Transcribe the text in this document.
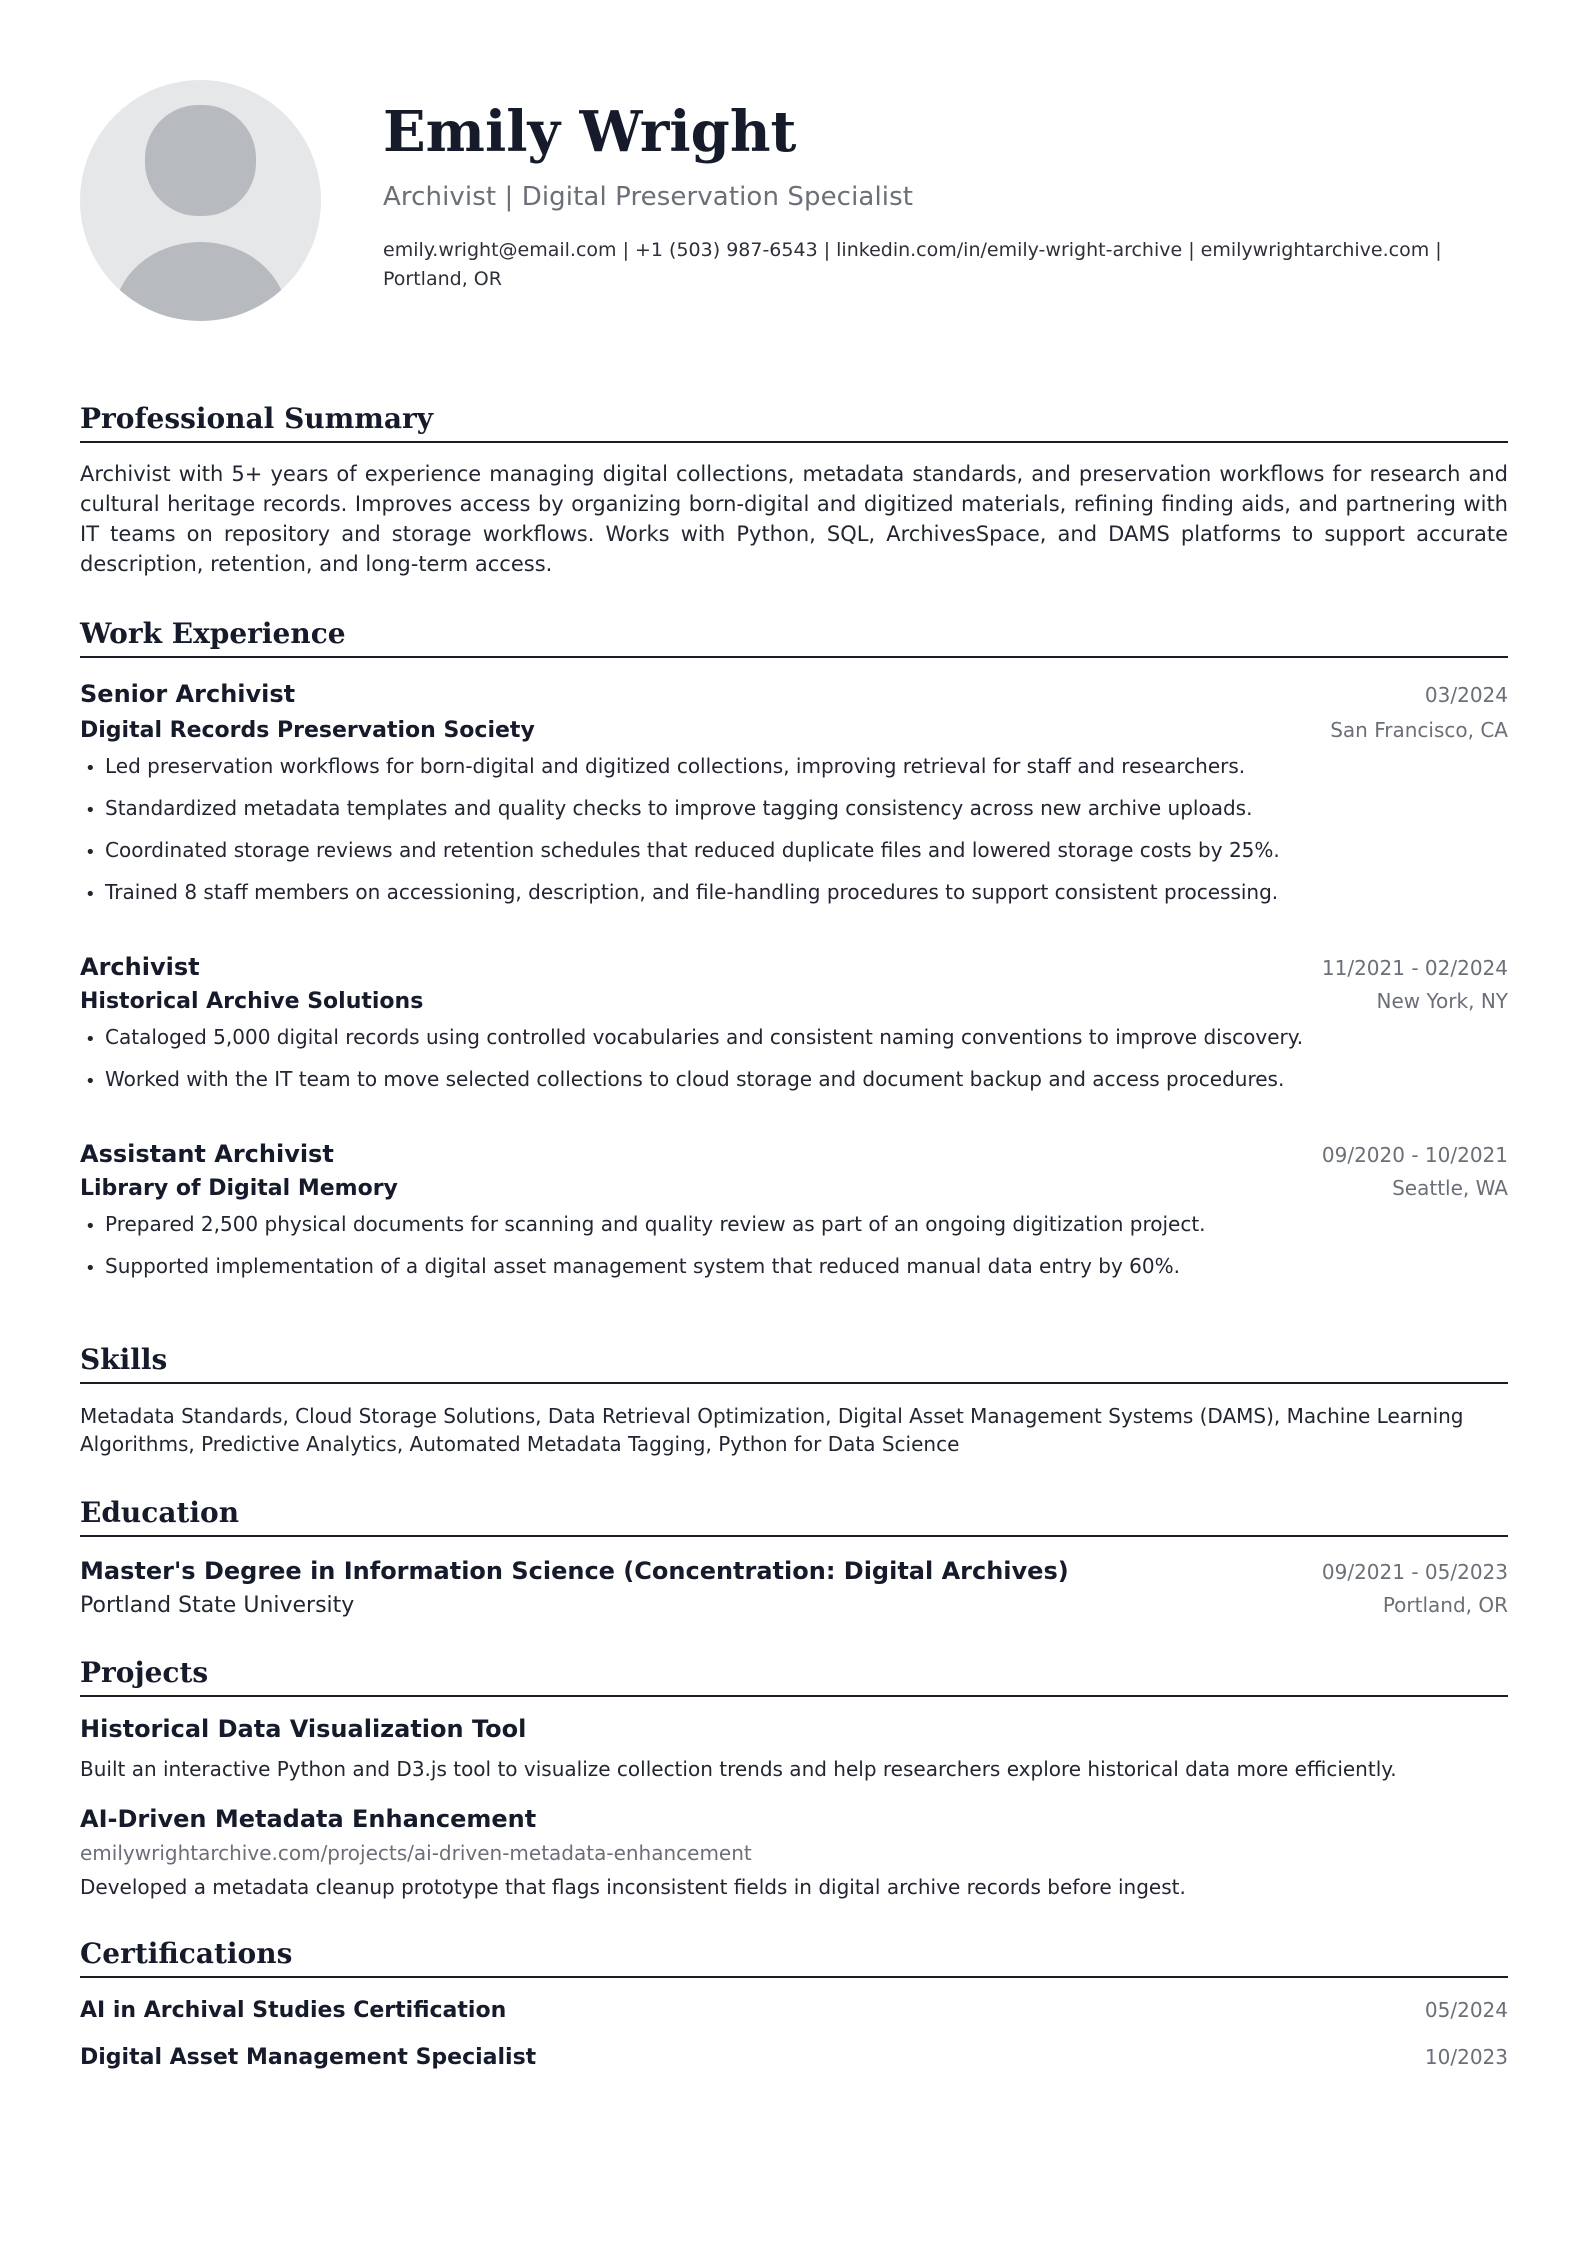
Emily Wright
Archivist | Digital Preservation Specialist
emily.wright@email.com | +1 (503) 987-6543 | linkedin.com/in/emily-wright-archive | emilywrightarchive.com | Portland, OR
Professional Summary
Archivist with 5+ years of experience managing digital collections, metadata standards, and preservation workflows for research and cultural heritage records. Improves access by organizing born-digital and digitized materials, refining finding aids, and partnering with IT teams on repository and storage workflows. Works with Python, SQL, ArchivesSpace, and DAMS platforms to support accurate description, retention, and long-term access.
Work Experience
Senior Archivist	03/2024
Digital Records Preservation Society	San Francisco, CA
• Led preservation workflows for born-digital and digitized collections, improving retrieval for staff and researchers.
• Standardized metadata templates and quality checks to improve tagging consistency across new archive uploads.
• Coordinated storage reviews and retention schedules that reduced duplicate files and lowered storage costs by 25%.
• Trained 8 staff members on accessioning, description, and file-handling procedures to support consistent processing.
Archivist	11/2021 - 02/2024
Historical Archive Solutions	New York, NY
• Cataloged 5,000 digital records using controlled vocabularies and consistent naming conventions to improve discovery.
• Worked with the IT team to move selected collections to cloud storage and document backup and access procedures.
Assistant Archivist	09/2020 - 10/2021
Library of Digital Memory	Seattle, WA
• Prepared 2,500 physical documents for scanning and quality review as part of an ongoing digitization project.
• Supported implementation of a digital asset management system that reduced manual data entry by 60%.
Skills
Metadata Standards, Cloud Storage Solutions, Data Retrieval Optimization, Digital Asset Management Systems (DAMS), Machine Learning Algorithms, Predictive Analytics, Automated Metadata Tagging, Python for Data Science
Education
Master's Degree in Information Science (Concentration: Digital Archives)	09/2021 - 05/2023
Portland State University	Portland, OR
Projects
Historical Data Visualization Tool
Built an interactive Python and D3.js tool to visualize collection trends and help researchers explore historical data more efficiently.
AI-Driven Metadata Enhancement
emilywrightarchive.com/projects/ai-driven-metadata-enhancement
Developed a metadata cleanup prototype that flags inconsistent fields in digital archive records before ingest.
Certifications
AI in Archival Studies Certification	05/2024
Digital Asset Management Specialist	10/2023
